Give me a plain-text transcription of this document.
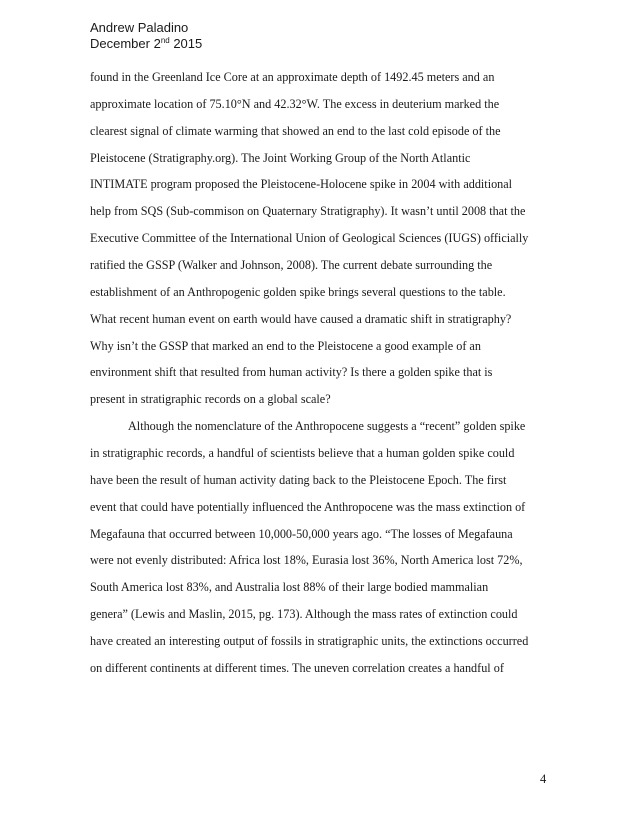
Andrew Paladino
December 2nd 2015
found in the Greenland Ice Core at an approximate depth of 1492.45 meters and an
approximate location of 75.10°N and 42.32°W. The excess in deuterium marked the
clearest signal of climate warming that showed an end to the last cold episode of the
Pleistocene (Stratigraphy.org). The Joint Working Group of the North Atlantic
INTIMATE program proposed the Pleistocene-Holocene spike in 2004 with additional
help from SQS (Sub-commison on Quaternary Stratigraphy). It wasn’t until 2008 that the
Executive Committee of the International Union of Geological Sciences (IUGS) officially
ratified the GSSP (Walker and Johnson, 2008). The current debate surrounding the
establishment of an Anthropogenic golden spike brings several questions to the table.
What recent human event on earth would have caused a dramatic shift in stratigraphy?
Why isn’t the GSSP that marked an end to the Pleistocene a good example of an
environment shift that resulted from human activity? Is there a golden spike that is
present in stratigraphic records on a global scale?
Although the nomenclature of the Anthropocene suggests a “recent” golden spike
in stratigraphic records, a handful of scientists believe that a human golden spike could
have been the result of human activity dating back to the Pleistocene Epoch. The first
event that could have potentially influenced the Anthropocene was the mass extinction of
Megafauna that occurred between 10,000-50,000 years ago. “The losses of Megafauna
were not evenly distributed: Africa lost 18%, Eurasia lost 36%, North America lost 72%,
South America lost 83%, and Australia lost 88% of their large bodied mammalian
genera” (Lewis and Maslin, 2015, pg. 173). Although the mass rates of extinction could
have created an interesting output of fossils in stratigraphic units, the extinctions occurred
on different continents at different times. The uneven correlation creates a handful of
4
